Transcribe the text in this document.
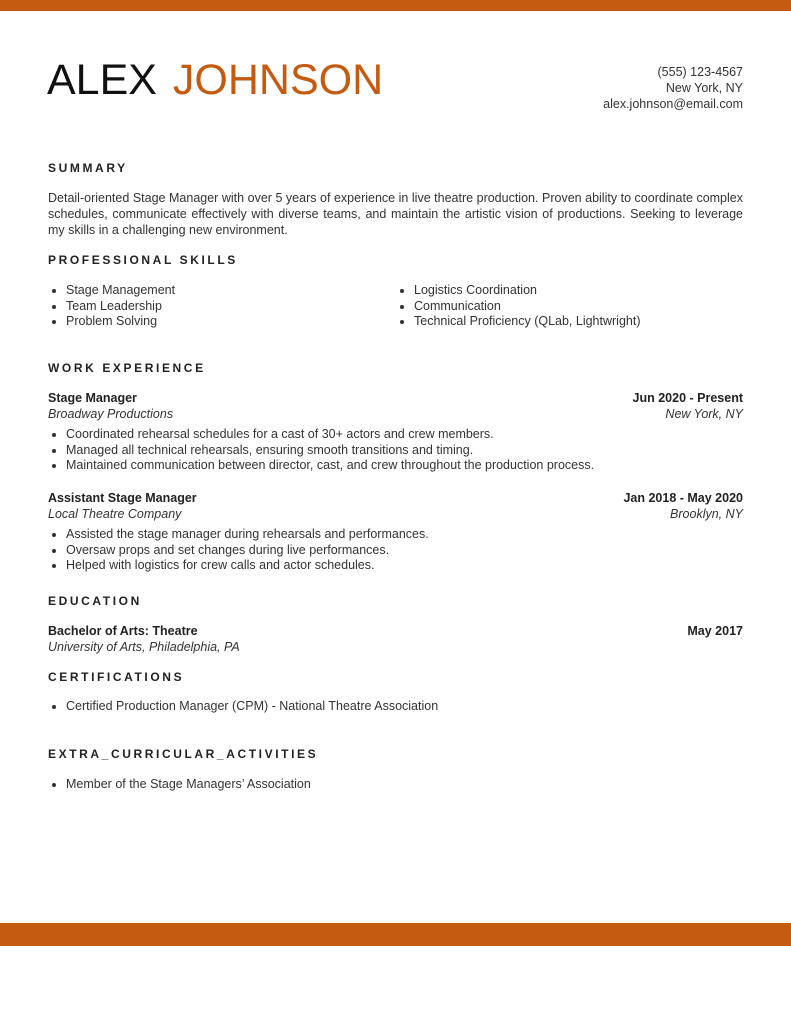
ALEX JOHNSON	(555) 123-4567
New York, NY
alex.johnson@email.com
SUMMARY

Detail-oriented Stage Manager with over 5 years of experience in live theatre production. Proven ability to coordinate complex schedules, communicate effectively with diverse teams, and maintain the artistic vision of productions. Seeking to leverage my skills in a challenging new environment.

PROFESSIONAL SKILLS
Stage Management
Team Leadership
Problem Solving
Logistics Coordination
Communication
Technical Proficiency (QLab, Lightwright)
WORK EXPERIENCE
Stage Manager	Jun 2020 - Present
Broadway Productions	New York, NY
Coordinated rehearsal schedules for a cast of 30+ actors and crew members.
Managed all technical rehearsals, ensuring smooth transitions and timing.
Maintained communication between director, cast, and crew throughout the production process.
Assistant Stage Manager	Jan 2018 - May 2020
Local Theatre Company	Brooklyn, NY
Assisted the stage manager during rehearsals and performances.
Oversaw props and set changes during live performances.
Helped with logistics for crew calls and actor schedules.
EDUCATION
Bachelor of Arts: Theatre	May 2017
University of Arts, Philadelphia, PA
CERTIFICATIONS
Certified Production Manager (CPM) - National Theatre Association
EXTRA_CURRICULAR_ACTIVITIES
Member of the Stage Managers’ Association
